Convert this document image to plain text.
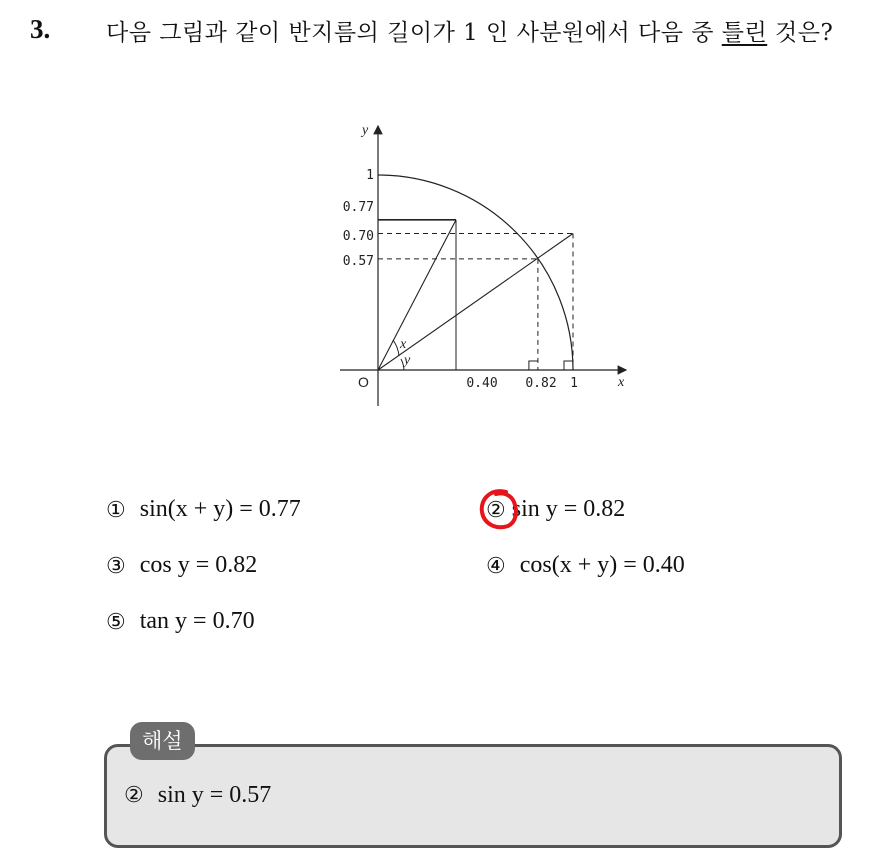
3. 다음 그림과 같이 반지름의 길이가 1 인 사분원에서 다음 중 틀린 것은?
1
0.77
0.70
0.57
0.40 0.82 1
O	x
y
x
y
① sin(x + y) = 0.77	② sin y = 0.82
③ cos y = 0.82	④ cos(x + y) = 0.40
⑤ tan y = 0.70
해설
② sin y = 0.57
